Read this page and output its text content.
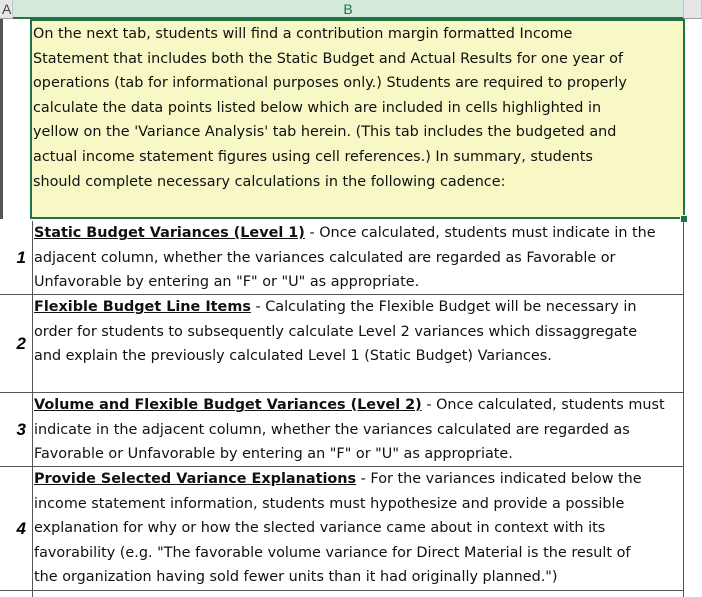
A	B
On the next tab, students will find a contribution margin formatted Income
Statement that includes both the Static Budget and Actual Results for one year of
operations (tab for informational purposes only.) Students are required to properly
calculate the data points listed below which are included in cells highlighted in
yellow on the 'Variance Analysis' tab herein. (This tab includes the budgeted and
actual income statement figures using cell references.) In summary, students
should complete necessary calculations in the following cadence:
1
Static Budget Variances (Level 1) - Once calculated, students must indicate in the
adjacent column, whether the variances calculated are regarded as Favorable or
Unfavorable by entering an "F" or "U" as appropriate.
2
Flexible Budget Line Items - Calculating the Flexible Budget will be necessary in
order for students to subsequently calculate Level 2 variances which dissaggregate
and explain the previously calculated Level 1 (Static Budget) Variances.
3
Volume and Flexible Budget Variances (Level 2) - Once calculated, students must
indicate in the adjacent column, whether the variances calculated are regarded as
Favorable or Unfavorable by entering an "F" or "U" as appropriate.
4
Provide Selected Variance Explanations - For the variances indicated below the
income statement information, students must hypothesize and provide a possible
explanation for why or how the slected variance came about in context with its
favorability (e.g. "The favorable volume variance for Direct Material is the result of
the organization having sold fewer units than it had originally planned.")
